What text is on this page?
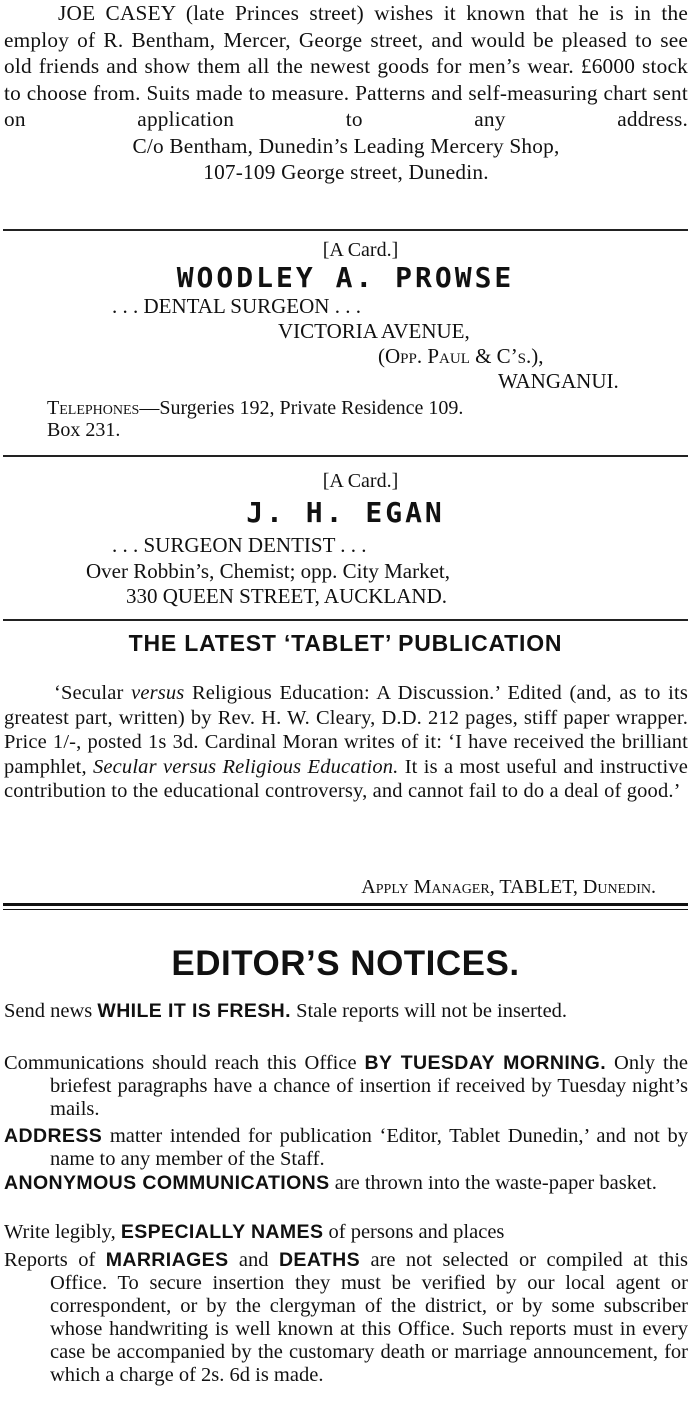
JOE CASEY (late Princes street) wishes it known that he is in the employ of R. Bentham, Mercer, George street, and would be pleased to see old friends and show them all the newest goods for men’s wear. £6000 stock to choose from. Suits made to measure. Patterns and self-measuring chart sent on application to any address.

C/o Bentham, Dunedin’s Leading Mercery Shop,

107-109 George street, Dunedin.

[A Card.]
WOODLEY A. PROWSE
. . . DENTAL SURGEON . . .
VICTORIA AVENUE,
(Opp. Paul & C’s.),
WANGANUI.
Telephones—Surgeries 192, Private Residence 109.
Box 231.
[A Card.]
J. H. EGAN
. . . SURGEON DENTIST . . .
Over Robbin’s, Chemist; opp. City Market,
330 QUEEN STREET, AUCKLAND.
THE LATEST ‘TABLET’ PUBLICATION

‘Secular versus Religious Education: A Discussion.’ Edited (and, as to its greatest part, written) by Rev. H. W. Cleary, D.D. 212 pages, stiff paper wrapper. Price 1/-, posted 1s 3d. Cardinal Moran writes of it: ‘I have received the brilliant pamphlet, Secular versus Religious Education. It is a most useful and instructive contribution to the educational controversy, and cannot fail to do a deal of good.’

Apply Manager, TABLET, Dunedin.
EDITOR’S NOTICES.

Send news WHILE IT IS FRESH. Stale reports will not be inserted.

Communications should reach this Office BY TUESDAY MORNING. Only the briefest paragraphs have a chance of insertion if received by Tuesday night’s mails.

ADDRESS matter intended for publication ‘Editor, Tablet Dunedin,’ and not by name to any member of the Staff.

ANONYMOUS COMMUNICATIONS are thrown into the waste-paper basket.

Write legibly, ESPECIALLY NAMES of persons and places

Reports of MARRIAGES and DEATHS are not selected or compiled at this Office. To secure insertion they must be verified by our local agent or correspondent, or by the clergyman of the district, or by some subscriber whose handwriting is well known at this Office. Such reports must in every case be accompanied by the customary death or marriage announcement, for which a charge of 2s. 6d is made.
